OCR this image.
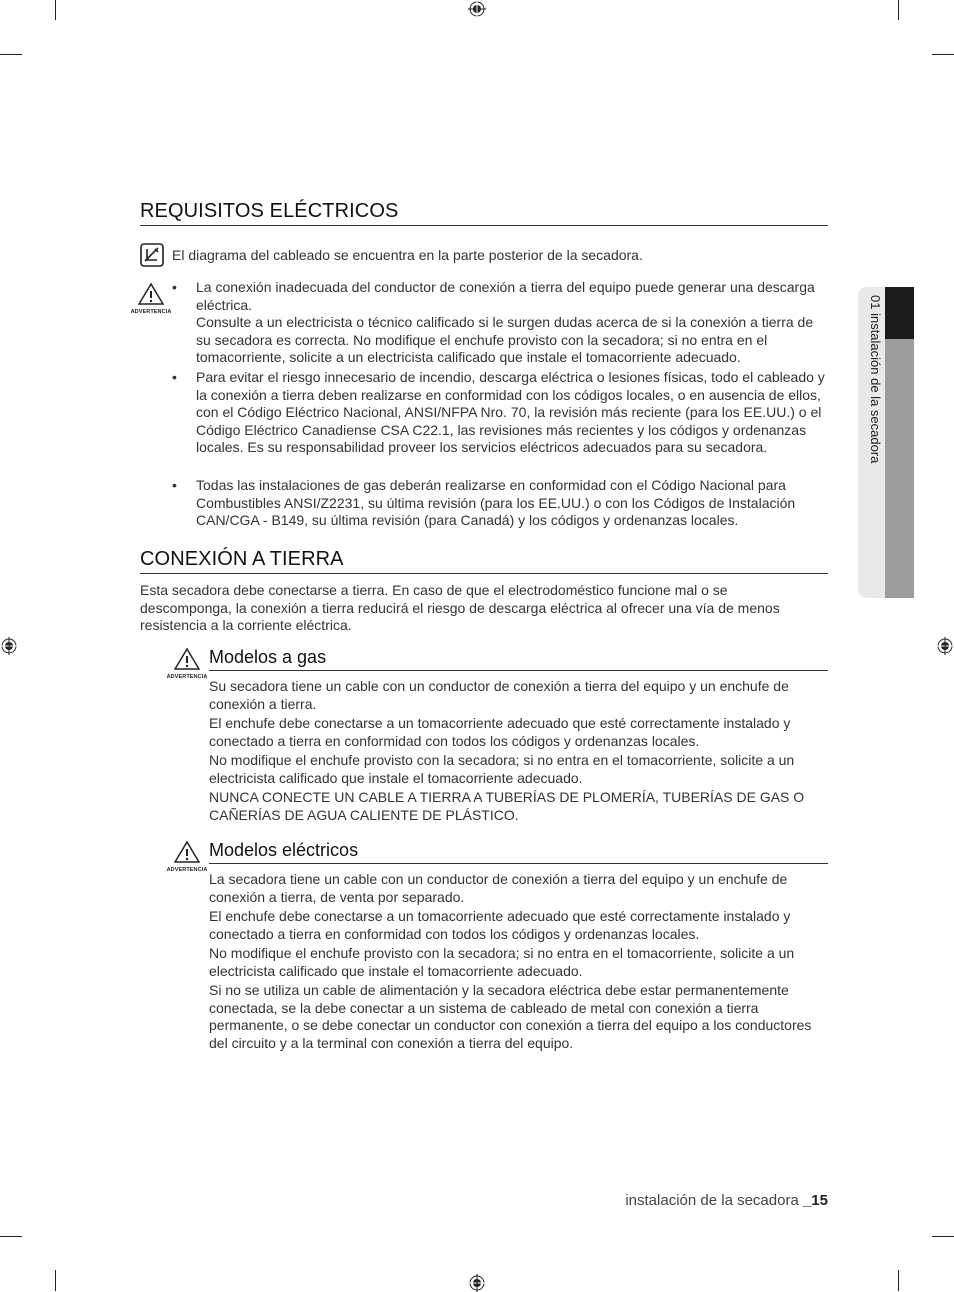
01 instalación de la secadora
REQUISITOS ELÉCTRICOS

El diagrama del cableado se encuentra en la parte posterior de la secadora.

ADVERTENCIA
• La conexión inadecuada del conductor de conexión a tierra del equipo puede generar una descarga eléctrica.
Consulte a un electricista o técnico calificado si le surgen dudas acerca de si la conexión a tierra de su secadora es correcta. No modifique el enchufe provisto con la secadora; si no entra en el tomacorriente, solicite a un electricista calificado que instale el tomacorriente adecuado.

• Para evitar el riesgo innecesario de incendio, descarga eléctrica o lesiones físicas, todo el cableado y la conexión a tierra deben realizarse en conformidad con los códigos locales, o en ausencia de ellos, con el Código Eléctrico Nacional, ANSI/NFPA Nro. 70, la revisión más reciente (para los EE.UU.) o el Código Eléctrico Canadiense CSA C22.1, las revisiones más recientes y los códigos y ordenanzas locales. Es su responsabilidad proveer los servicios eléctricos adecuados para su secadora.

• Todas las instalaciones de gas deberán realizarse en conformidad con el Código Nacional para Combustibles ANSI/Z2231, su última revisión (para los EE.UU.) o con los Códigos de Instalación CAN/CGA - B149, su última revisión (para Canadá) y los códigos y ordenanzas locales.

CONEXIÓN A TIERRA

Esta secadora debe conectarse a tierra. En caso de que el electrodoméstico funcione mal o se descomponga, la conexión a tierra reducirá el riesgo de descarga eléctrica al ofrecer una vía de menos resistencia a la corriente eléctrica.

ADVERTENCIA
Modelos a gas

Su secadora tiene un cable con un conductor de conexión a tierra del equipo y un enchufe de conexión a tierra.

El enchufe debe conectarse a un tomacorriente adecuado que esté correctamente instalado y conectado a tierra en conformidad con todos los códigos y ordenanzas locales.

No modifique el enchufe provisto con la secadora; si no entra en el tomacorriente, solicite a un electricista calificado que instale el tomacorriente adecuado.

NUNCA CONECTE UN CABLE A TIERRA A TUBERÍAS DE PLOMERÍA, TUBERÍAS DE GAS O CAÑERÍAS DE AGUA CALIENTE DE PLÁSTICO.

ADVERTENCIA
Modelos eléctricos

La secadora tiene un cable con un conductor de conexión a tierra del equipo y un enchufe de conexión a tierra, de venta por separado.

El enchufe debe conectarse a un tomacorriente adecuado que esté correctamente instalado y conectado a tierra en conformidad con todos los códigos y ordenanzas locales.

No modifique el enchufe provisto con la secadora; si no entra en el tomacorriente, solicite a un electricista calificado que instale el tomacorriente adecuado.

Si no se utiliza un cable de alimentación y la secadora eléctrica debe estar permanentemente conectada, se la debe conectar a un sistema de cableado de metal con conexión a tierra permanente, o se debe conectar un conductor con conexión a tierra del equipo a los conductores del circuito y a la terminal con conexión a tierra del equipo.

instalación de la secadora _15
